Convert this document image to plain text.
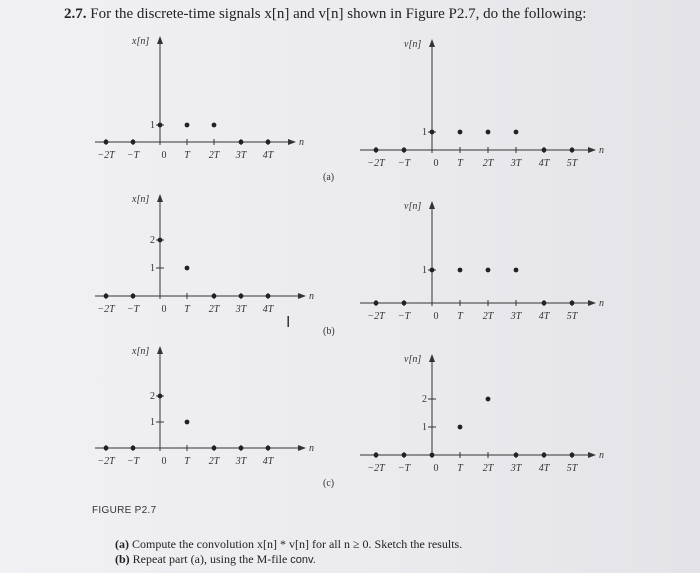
2.7. For the discrete-time signals x[n] and v[n] shown in Figure P2.7, do the following:
(a)
(b)
(c)
I
n
x[n]
1
−2T −T 0 T 2T 3T 4T	n
v[n]
1
−2T −T 0 T 2T 3T 4T 5T
n
x[n]
1
2
−2T −T 0 T 2T 3T 4T
n
v[n]
1
−2T −T 0 T 2T 3T 4T 5T
n
x[n]
1
2
−2T −T 0 T 2T 3T 4T
n
v[n]
1
2
−2T −T 0 T 2T 3T 4T 5T
FIGURE P2.7
(a) Compute the convolution x[n] * v[n] for all n ≥ 0. Sketch the results.
(b) Repeat part (a), using the M-file conv.
